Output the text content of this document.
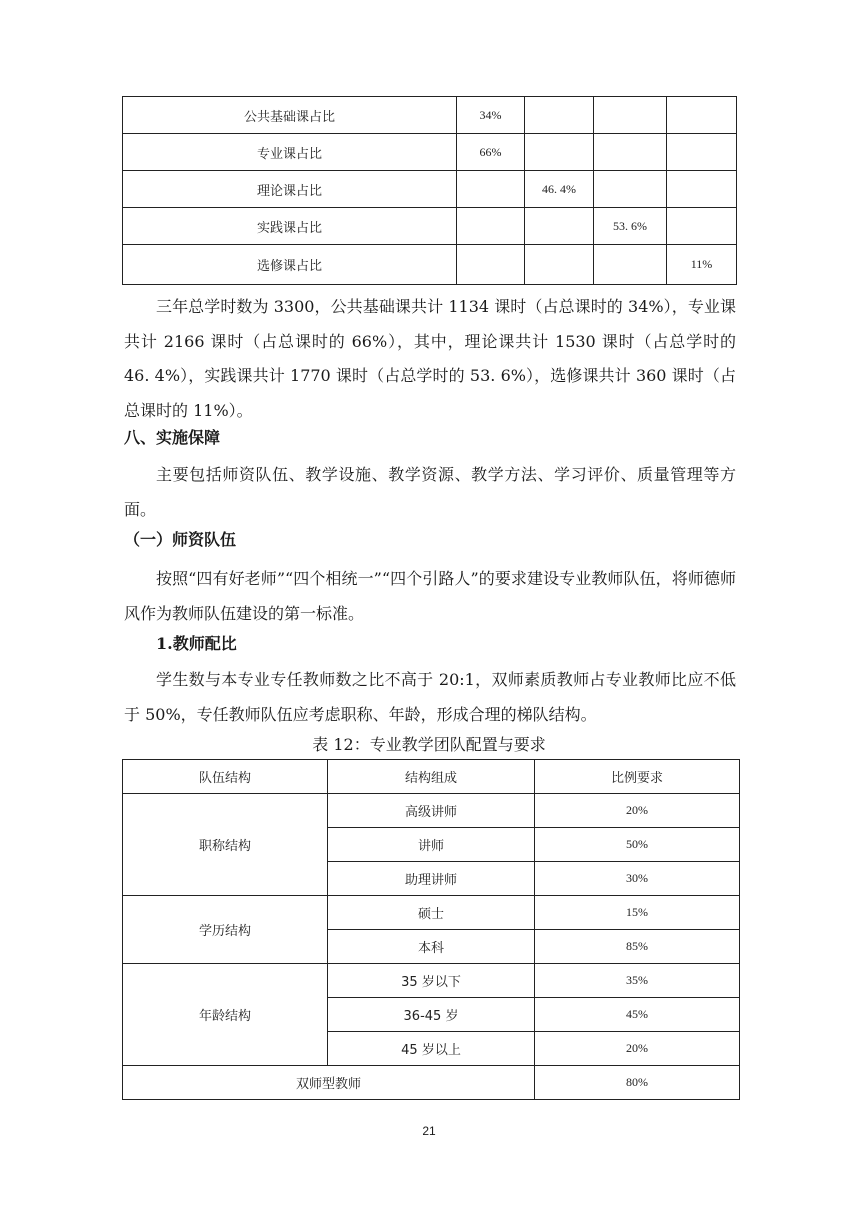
公共基础课占比	34%			
专业课占比	66%			
理论课占比		46. 4%		
实践课占比			53. 6%	
选修课占比				11%

三年总学时数为 3300，公共基础课共计 1134 课时（占总课时的 34%），专业课共计 2166 课时（占总课时的 66%），其中，理论课共计 1530 课时（占总学时的 46. 4%），实践课共计 1770 课时（占总学时的 53. 6%），选修课共计 360 课时（占总课时的 11%）。

八、实施保障

主要包括师资队伍、教学设施、教学资源、教学方法、学习评价、质量管理等方面。

（一）师资队伍

按照“四有好老师”“四个相统一”“四个引路人”的要求建设专业教师队伍，将师德师风作为教师队伍建设的第一标准。

1.教师配比

学生数与本专业专任教师数之比不高于 20:1，双师素质教师占专业教师比应不低于 50%，专任教师队伍应考虑职称、年龄，形成合理的梯队结构。

表 12：专业教学团队配置与要求

队伍结构	结构组成	比例要求
职称结构	高级讲师	20%
	讲师	50%
	助理讲师	30%
学历结构	硕士	15%
	本科	85%
年龄结构	35 岁以下	35%
	36-45 岁	45%
	45 岁以上	20%
双师型教师		80%
21
